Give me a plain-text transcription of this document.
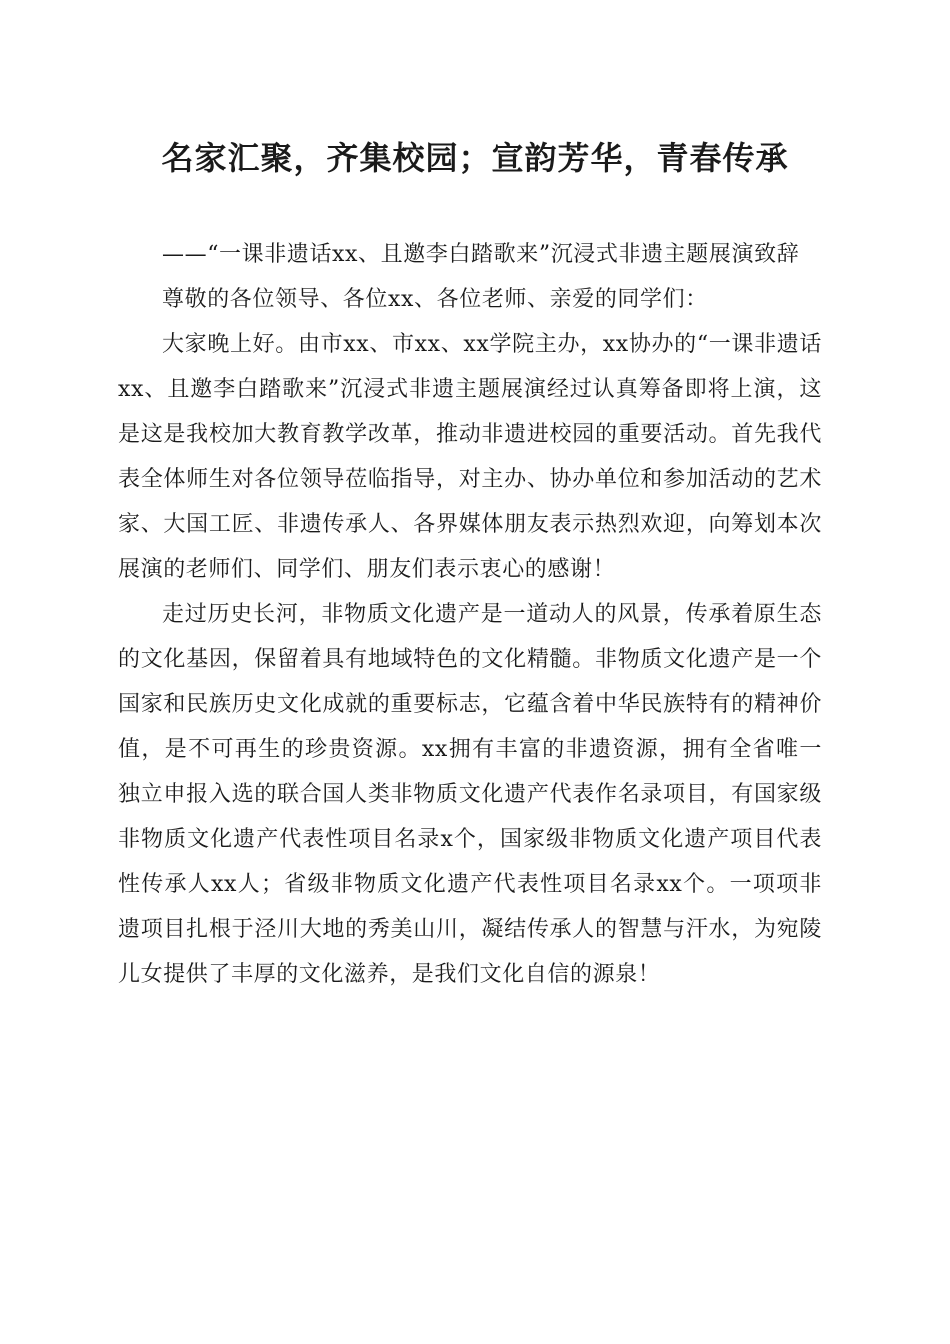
名家汇聚，齐集校园；宣韵芳华，青春传承

——“一课非遗话xx、且邀李白踏歌来”沉浸式非遗主题展演致辞

尊敬的各位领导、各位xx、各位老师、亲爱的同学们：

大家晚上好。由市xx、市xx、xx学院主办，xx协办的“一课非遗话xx、且邀李白踏歌来”沉浸式非遗主题展演经过认真筹备即将上演，这是这是我校加大教育教学改革，推动非遗进校园的重要活动。首先我代表全体师生对各位领导莅临指导，对主办、协办单位和参加活动的艺术家、大国工匠、非遗传承人、各界媒体朋友表示热烈欢迎，向筹划本次展演的老师们、同学们、朋友们表示衷心的感谢！

走过历史长河，非物质文化遗产是一道动人的风景，传承着原生态的文化基因，保留着具有地域特色的文化精髓。非物质文化遗产是一个国家和民族历史文化成就的重要标志，它蕴含着中华民族特有的精神价值，是不可再生的珍贵资源。xx拥有丰富的非遗资源，拥有全省唯一独立申报入选的联合国人类非物质文化遗产代表作名录项目，有国家级非物质文化遗产代表性项目名录x个，国家级非物质文化遗产项目代表性传承人xx人；省级非物质文化遗产代表性项目名录xx个。一项项非遗项目扎根于泾川大地的秀美山川，凝结传承人的智慧与汗水，为宛陵儿女提供了丰厚的文化滋养，是我们文化自信的源泉！
